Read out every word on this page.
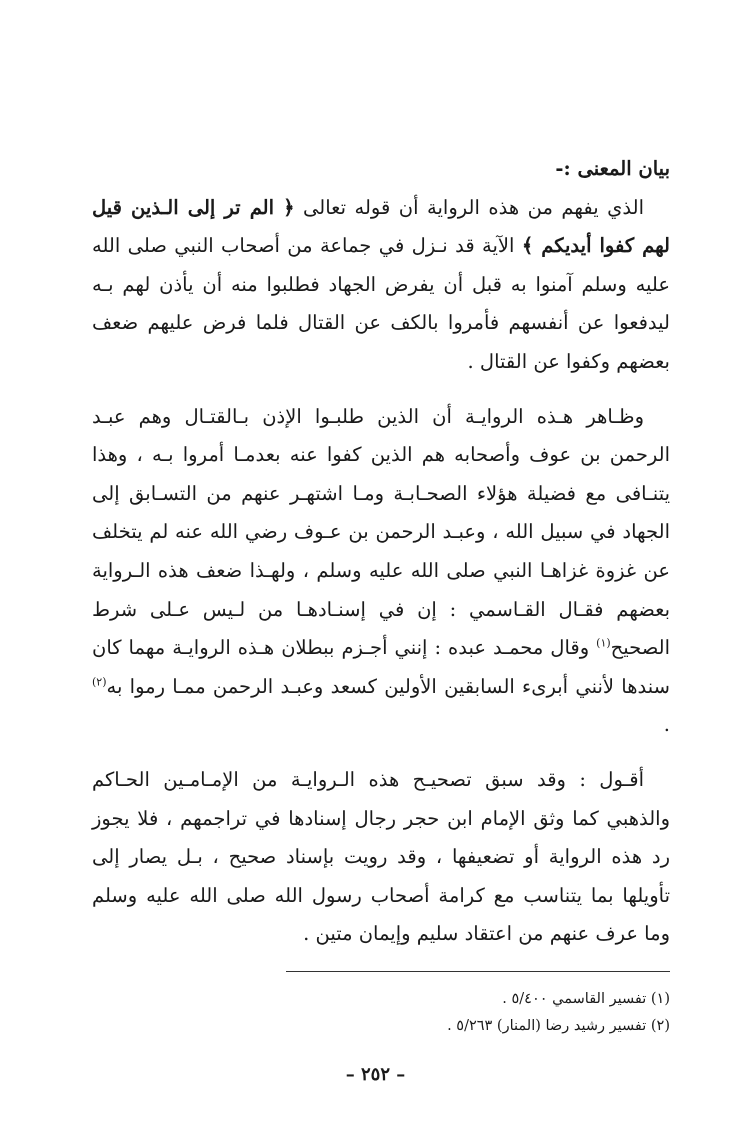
بيان المعنى :-

الذي يفهم من هذه الرواية أن قوله تعالى ﴿ الم تر إلى الـذين قيل لهم كفوا أيديكم ﴾ الآية قد نـزل في جماعة من أصحاب النبي صلى الله عليه وسلم آمنوا به قبل أن يفرض الجهاد فطلبوا منه أن يأذن لهم بـه ليدفعوا عن أنفسهم فأمروا بالكف عن القتال فلما فرض عليهم ضعف بعضهم وكفوا عن القتال .

وظـاهر هـذه الروايـة أن الذين طلبـوا الإذن بـالقتـال وهم عبـد الرحمن بن عوف وأصحابه هم الذين كفوا عنه بعدمـا أمروا بـه ، وهذا يتنـافى مع فضيلة هؤلاء الصحـابـة ومـا اشتهـر عنهم من التسـابق إلى الجهاد في سبيل الله ، وعبـد الرحمن بن عـوف رضي الله عنه لم يتخلف عن غزوة غزاهـا النبي صلى الله عليه وسلم ، ولهـذا ضعف هذه الـرواية بعضهم فقـال القـاسمي : إن في إسنـادهـا من لـيس عـلى شرط الصحيح$^{(١)}$ وقال محمـد عبده : إنني أجـزم ببطلان هـذه الروايـة مهما كان سندها لأنني أبرىء السابقين الأولين كسعد وعبـد الرحمن ممـا رموا به$^{(٢)}$ .

أقـول : وقد سبق تصحيـح هذه الـروايـة من الإمـامـين الحـاكم والذهبي كما وثق الإمام ابن حجر رجال إسنادها في تراجمهم ، فلا يجوز رد هذه الرواية أو تضعيفها ، وقد رويت بإسناد صحيح ، بـل يصار إلى تأويلها بما يتناسب مع كرامة أصحاب رسول الله صلى الله عليه وسلم وما عرف عنهم من اعتقاد سليم وإيمان متين .

(١) تفسير القاسمي ٥/٤٠٠ .

(٢) تفسير رشيد رضا (المنار) ٥/٢٦٣ .

– ٢٥٢ –
